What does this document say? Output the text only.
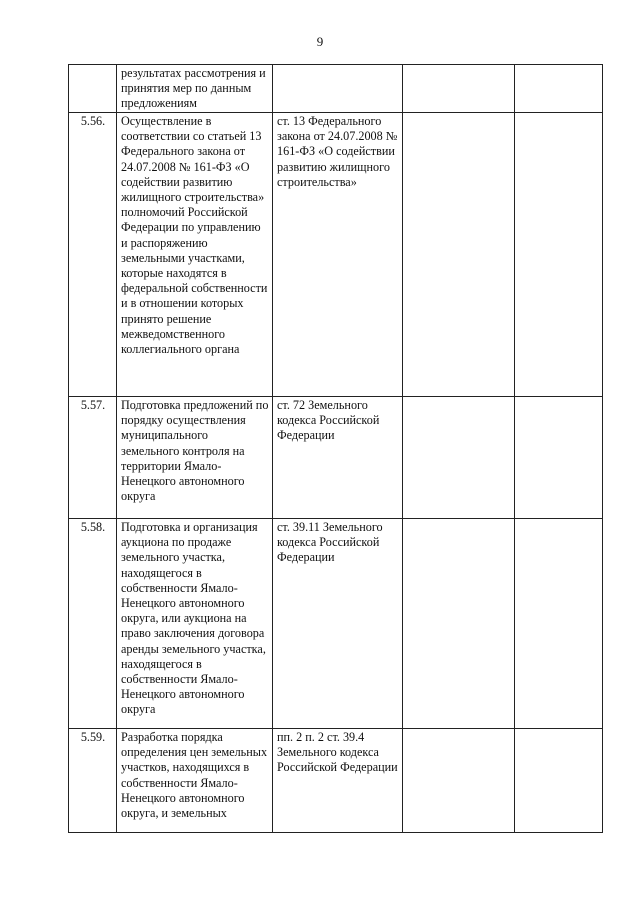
9
	результатах рассмотрения и принятия мер по данным предложениям			
5.56.	Осуществление в соответствии со статьей 13 Федерального закона от 24.07.2008 № 161-ФЗ «О содействии развитию жилищного строительства» полномочий Российской Федерации по управлению и распоряжению земельными участками, которые находятся в федеральной собственности и в отношении которых принято решение межведомственного коллегиального органа	ст. 13 Федерального закона от 24.07.2008 № 161-ФЗ «О содействии развитию жилищного строительства»		
5.57.	Подготовка предложений по порядку осуществления муниципального земельного контроля на территории Ямало-Ненецкого автономного округа	ст. 72 Земельного кодекса Российской Федерации		
5.58.	Подготовка и организация аукциона по продаже земельного участка, находящегося в собственности Ямало-Ненецкого автономного округа, или аукциона на право заключения договора аренды земельного участка, находящегося в собственности Ямало-Ненецкого автономного округа	ст. 39.11 Земельного кодекса Российской Федерации		
5.59.	Разработка порядка определения цен земельных участков, находящихся в собственности Ямало-Ненецкого автономного округа, и земельных	пп. 2 п. 2 ст. 39.4 Земельного кодекса Российской Федерации		
